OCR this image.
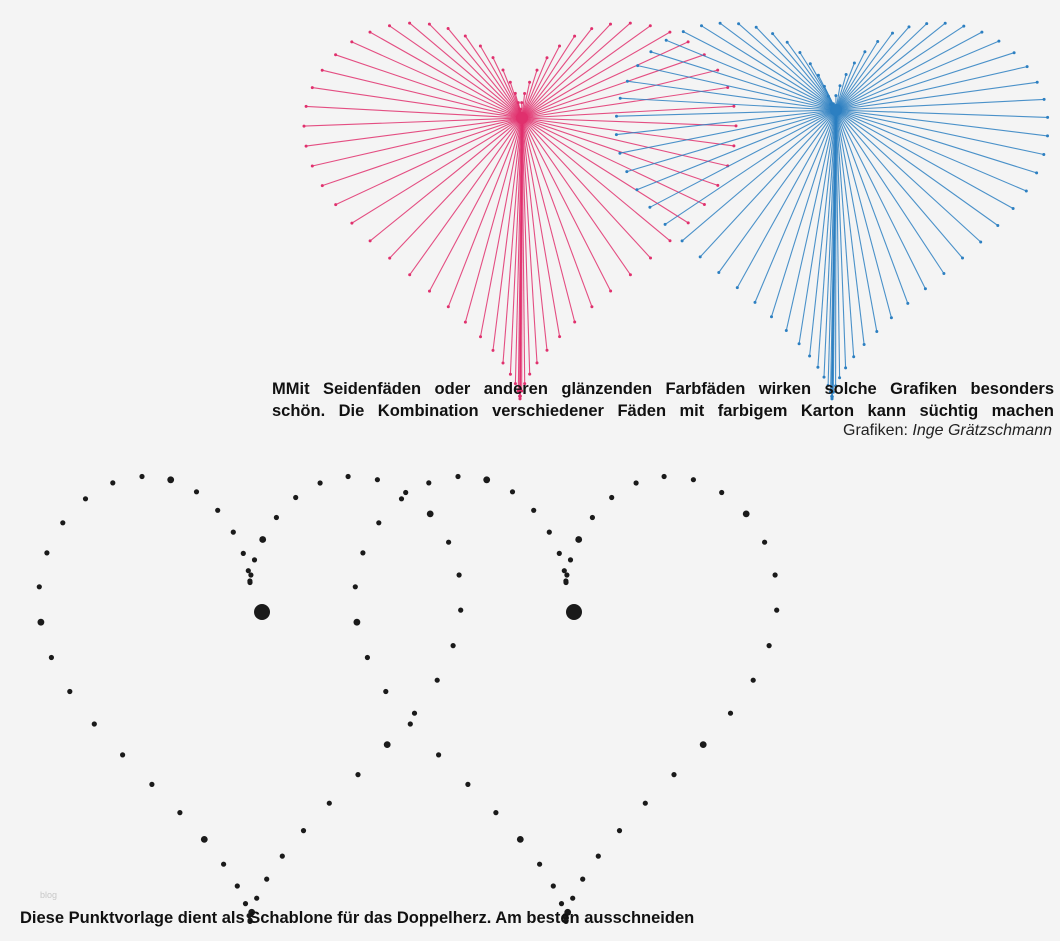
MMit Seidenfäden oder anderen glänzenden Farbfäden wirken solche Grafiken besonders
sсhön. Die Kombination verschiedener Fäden mit farbigem Karton kann süchtig machen
Grafiken: Inge Grätzschmann
blog
Diese Punktvorlage dient als Schablone für das Doppelherz. Am besten ausschneiden
